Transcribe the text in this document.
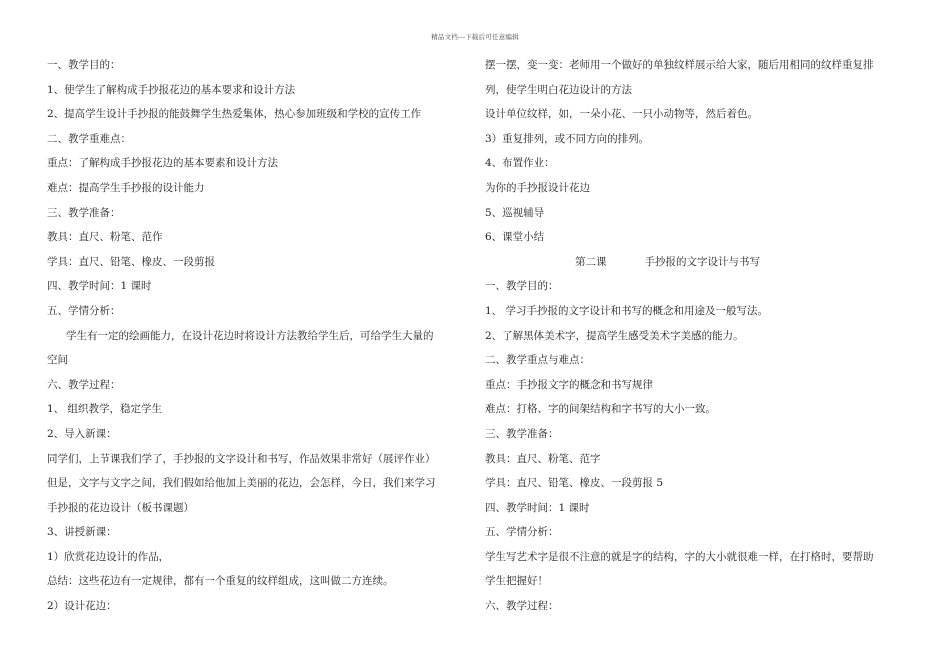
精品文档---下载后可任意编辑
一、教学目的：
1、使学生了解构成手抄报花边的基本要求和设计方法
2、提高学生设计手抄报的能鼓舞学生热爱集体，热心参加班级和学校的宣传工作
二、教学重难点：
重点：了解构成手抄报花边的基本要素和设计方法
难点：提高学生手抄报的设计能力
三、教学准备：
教具：直尺、粉笔、范作
学具：直尺、铅笔、橡皮、一段剪报
四、教学时间：1 课时
五、学情分析：
学生有一定的绘画能力，在设计花边时将设计方法教给学生后，可给学生大量的
空间
六、教学过程：
1、 组织教学，稳定学生
2、导入新课：
同学们，上节课我们学了，手抄报的文字设计和书写，作品效果非常好（展评作业）
但是，文字与文字之间，我们假如给他加上美丽的花边，会怎样，今日，我们来学习
手抄报的花边设计（板书课题）
3、讲授新课：
1）欣赏花边设计的作品，
总结：这些花边有一定规律，都有一个重复的纹样组成，这叫做二方连续。
2）设计花边：
摆一摆，变一变：老师用一个做好的单独纹样展示给大家，随后用相同的纹样重复排
列，使学生明白花边设计的方法
设计单位纹样，如，一朵小花、一只小动物等，然后着色。
3）重复排列，或不同方向的排列。
4、布置作业：
为你的手抄报设计花边
5、巡视辅导
6、课堂小结
第二课	手抄报的文字设计与书写
一、教学目的：
1、 学习手抄报的文字设计和书写的概念和用途及一般写法。
2、了解黑体美术字，提高学生感受美术字美感的能力。
二、教学重点与难点：
重点：手抄报文字的概念和书写规律
难点：打格、字的间架结构和字书写的大小一致。
三、教学准备：
教具：直尺、粉笔、范字
学具：直尺、铅笔、橡皮、一段剪报 5
四、教学时间：1 课时
五、学情分析：
学生写艺术字是很不注意的就是字的结构，字的大小就很难一样，在打格时，要帮助
学生把握好！
六、教学过程：
